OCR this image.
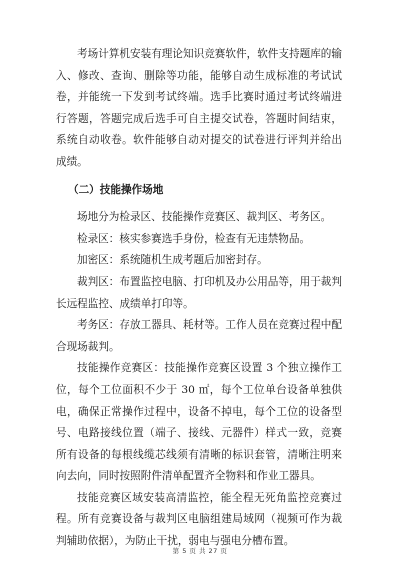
考场计算机安装有理论知识竞赛软件，软件支持题库的输入、修改、查询、删除等功能，能够自动生成标准的考试试卷，并能统一下发到考试终端。选手比赛时通过考试终端进行答题，答题完成后选手可自主提交试卷，答题时间结束，系统自动收卷。软件能够自动对提交的试卷进行评判并给出成绩。

（二）技能操作场地

场地分为检录区、技能操作竞赛区、裁判区、考务区。

检录区：核实参赛选手身份，检查有无违禁物品。

加密区：系统随机生成考题后加密封存。

裁判区：布置监控电脑、打印机及办公用品等，用于裁判长远程监控、成绩单打印等。

考务区：存放工器具、耗材等。工作人员在竞赛过程中配合现场裁判。

技能操作竞赛区：技能操作竞赛区设置 3 个独立操作工位，每个工位面积不少于 30 ㎡，每个工位单台设备单独供电，确保正常操作过程中，设备不掉电，每个工位的设备型号、电路接线位置（端子、接线、元器件）样式一致，竞赛所有设备的每根线缆芯线须有清晰的标识套管，清晰注明来向去向，同时按照附件清单配置齐全物料和作业工器具。

技能竞赛区域安装高清监控，能全程无死角监控竞赛过程。所有竞赛设备与裁判区电脑组建局域网（视频可作为裁判辅助依据），为防止干扰，弱电与强电分槽布置。

第 5 页 共 27 页
